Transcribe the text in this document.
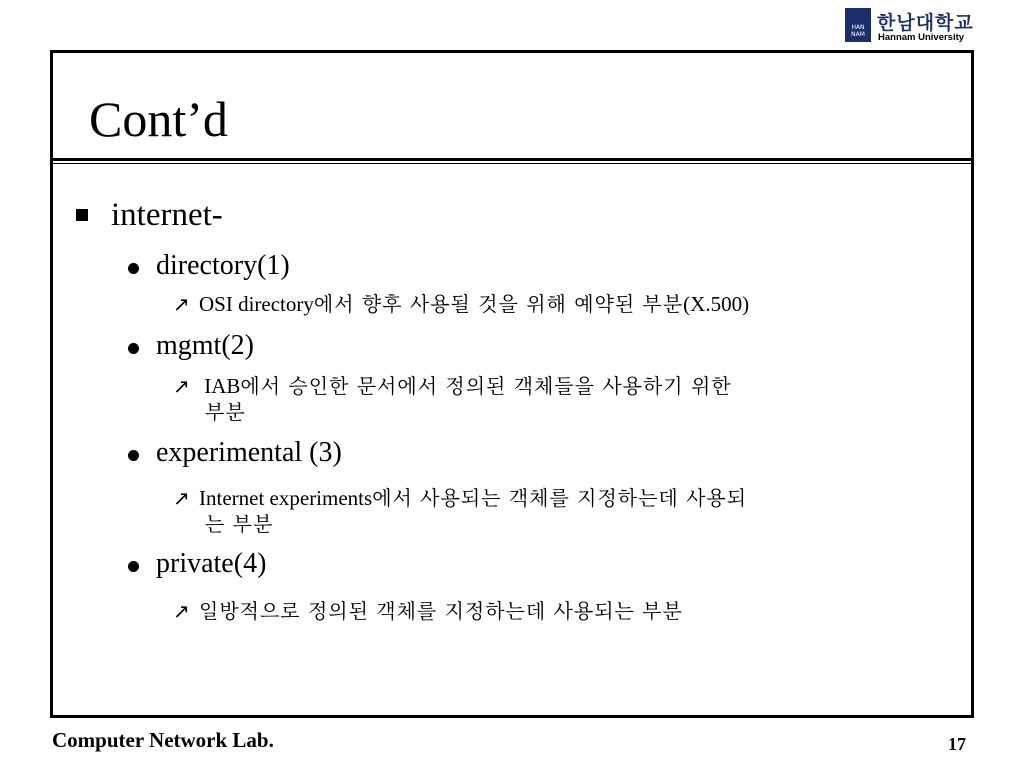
HAN NAM
한남대학교
Hannam University
Cont’d
internet-
directory(1)
↗ OSI directory에서 향후 사용될 것을 위해 예약된 부분(X.500)
mgmt(2)
↗ IAB에서 승인한 문서에서 정의된 객체들을 사용하기 위한
부분
experimental (3)
↗ Internet experiments에서 사용되는 객체를 지정하는데 사용되
는 부분
private(4)
↗ 일방적으로 정의된 객체를 지정하는데 사용되는 부분
Computer Network Lab.	17
